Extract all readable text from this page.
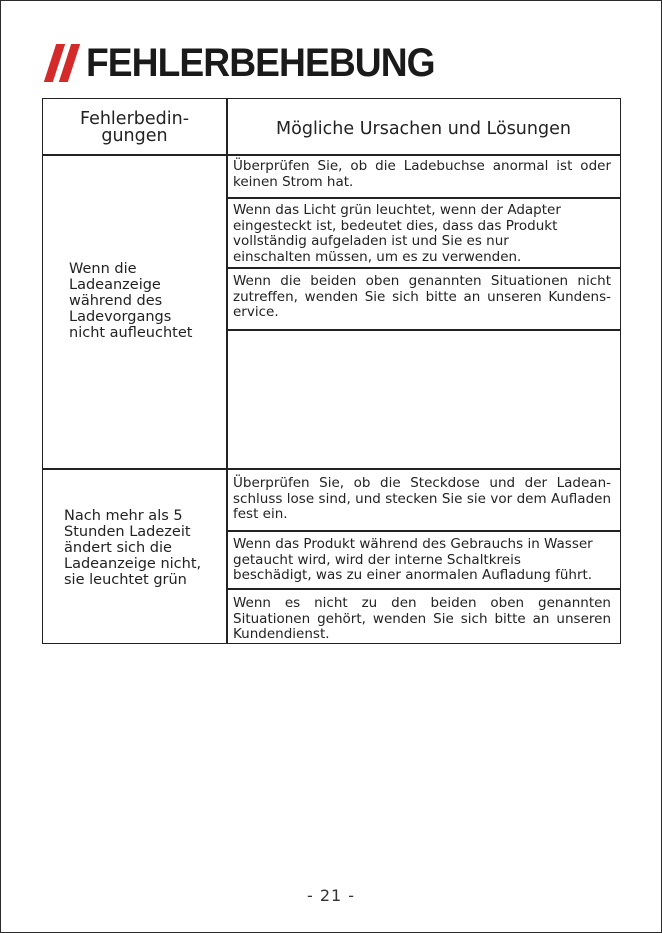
FEHLERBEHEBUNG
Fehlerbedin-
gungen	Mögliche Ursachen und Lösungen
Wenn die
Ladeanzeige
während des
Ladevorgangs
nicht aufleuchtet
Überprüfen Sie, ob die Ladebuchse anormal ist oder keinen Strom hat.
Wenn das Licht grün leuchtet, wenn der Adapter
eingesteckt ist, bedeutet dies, dass das Produkt
vollständig aufgeladen ist und Sie es nur
einschalten müssen, um es zu verwenden.
Wenn die beiden oben genannten Situationen nicht zutreffen, wenden Sie sich bitte an unseren Kundens-ervice.
Nach mehr als 5
Stunden Ladezeit
ändert sich die
Ladeanzeige nicht,
sie leuchtet grün
Überprüfen Sie, ob die Steckdose und der Ladean-schluss lose sind, und stecken Sie sie vor dem Aufladen fest ein.
Wenn das Produkt während des Gebrauchs in Wasser
getaucht wird, wird der interne Schaltkreis
beschädigt, was zu einer anormalen Aufladung führt.
Wenn es nicht zu den beiden oben genannten Situationen gehört, wenden Sie sich bitte an unseren Kundendienst.
- 21 -
